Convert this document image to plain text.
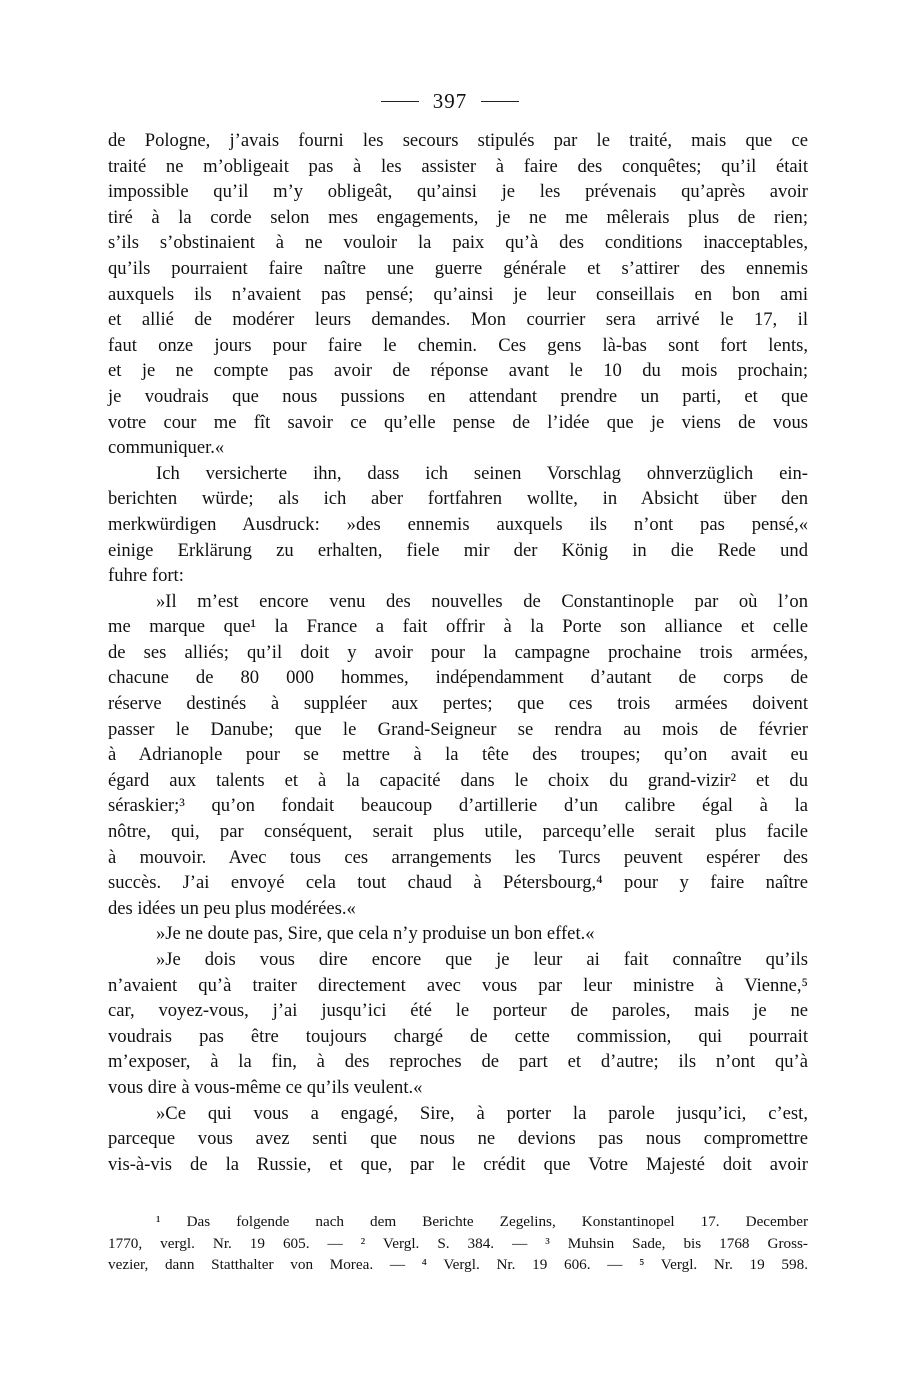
397
de Pologne, j’avais fourni les secours stipulés par le traité, mais que ce
traité ne m’obligeait pas à les assister à faire des conquêtes; qu’il était
impossible qu’il m’y obligeât, qu’ainsi je les prévenais qu’après avoir
tiré à la corde selon mes engagements, je ne me mêlerais plus de rien;
s’ils s’obstinaient à ne vouloir la paix qu’à des conditions inacceptables,
qu’ils pourraient faire naître une guerre générale et s’attirer des ennemis
auxquels ils n’avaient pas pensé; qu’ainsi je leur conseillais en bon ami
et allié de modérer leurs demandes. Mon courrier sera arrivé le 17, il
faut onze jours pour faire le chemin. Ces gens là-bas sont fort lents,
et je ne compte pas avoir de réponse avant le 10 du mois prochain;
je voudrais que nous pussions en attendant prendre un parti, et que
votre cour me fît savoir ce qu’elle pense de l’idée que je viens de vous
communiquer.«
Ich versicherte ihn, dass ich seinen Vorschlag ohnverzüglich ein-
berichten würde; als ich aber fortfahren wollte, in Absicht über den
merkwürdigen Ausdruck: »des ennemis auxquels ils n’ont pas pensé,«
einige Erklärung zu erhalten, fiele mir der König in die Rede und
fuhre fort:
»Il m’est encore venu des nouvelles de Constantinople par où l’on
me marque que¹ la France a fait offrir à la Porte son alliance et celle
de ses alliés; qu’il doit y avoir pour la campagne prochaine trois armées,
chacune de 80 000 hommes, indépendamment d’autant de corps de
réserve destinés à suppléer aux pertes; que ces trois armées doivent
passer le Danube; que le Grand-Seigneur se rendra au mois de février
à Adrianople pour se mettre à la tête des troupes; qu’on avait eu
égard aux talents et à la capacité dans le choix du grand-vizir² et du
séraskier;³ qu’on fondait beaucoup d’artillerie d’un calibre égal à la
nôtre, qui, par conséquent, serait plus utile, parcequ’elle serait plus facile
à mouvoir. Avec tous ces arrangements les Turcs peuvent espérer des
succès. J’ai envoyé cela tout chaud à Pétersbourg,⁴ pour y faire naître
des idées un peu plus modérées.«
»Je ne doute pas, Sire, que cela n’y produise un bon effet.«
»Je dois vous dire encore que je leur ai fait connaître qu’ils
n’avaient qu’à traiter directement avec vous par leur ministre à Vienne,⁵
car, voyez-vous, j’ai jusqu’ici été le porteur de paroles, mais je ne
voudrais pas être toujours chargé de cette commission, qui pourrait
m’exposer, à la fin, à des reproches de part et d’autre; ils n’ont qu’à
vous dire à vous-même ce qu’ils veulent.«
»Ce qui vous a engagé, Sire, à porter la parole jusqu’ici, c’est,
parceque vous avez senti que nous ne devions pas nous compromettre
vis-à-vis de la Russie, et que, par le crédit que Votre Majesté doit avoir
¹ Das folgende nach dem Berichte Zegelins, Konstantinopel 17. December
1770, vergl. Nr. 19 605. — ² Vergl. S. 384. — ³ Muhsin Sade, bis 1768 Gross-
vezier, dann Statthalter von Morea. — ⁴ Vergl. Nr. 19 606. — ⁵ Vergl. Nr. 19 598.
